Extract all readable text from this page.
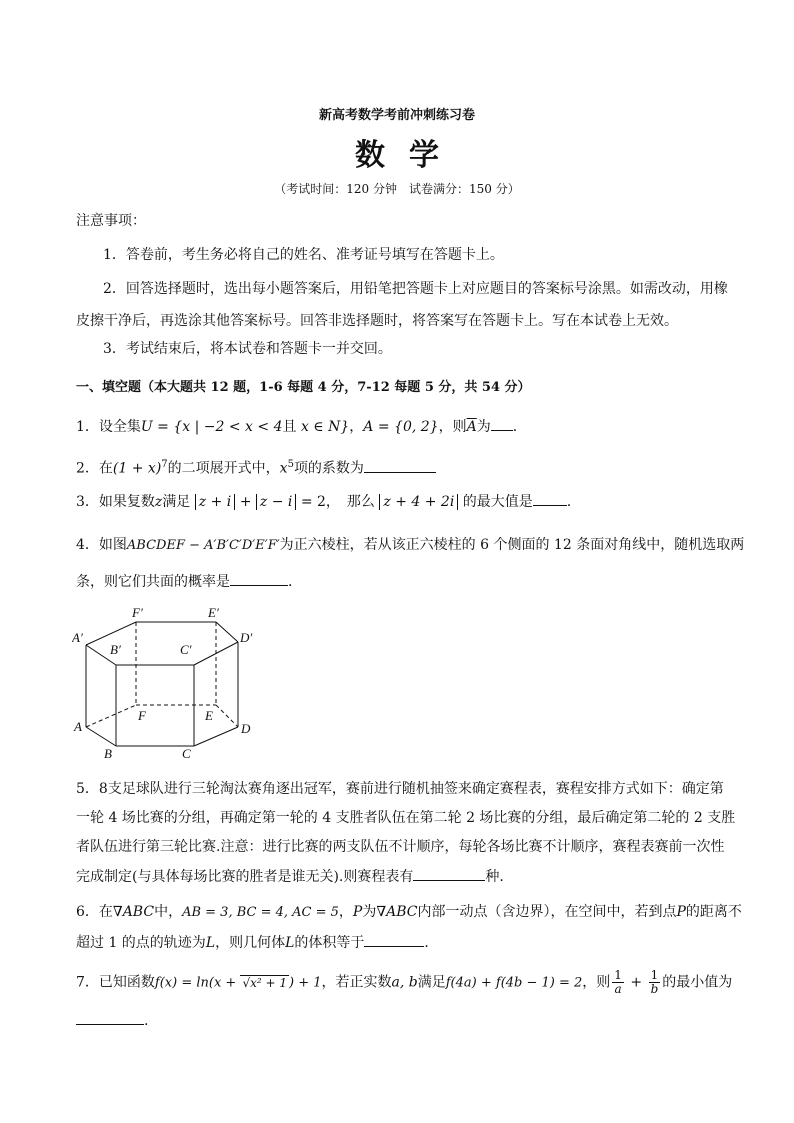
新高考数学考前冲刺练习卷
数学
（考试时间：120 分钟　试卷满分：150 分）
注意事项：
1．答卷前，考生务必将自己的姓名、准考证号填写在答题卡上。
2．回答选择题时，选出每小题答案后，用铅笔把答题卡上对应题目的答案标号涂黑。如需改动，用橡
皮擦干净后，再选涂其他答案标号。回答非选择题时，将答案写在答题卡上。写在本试卷上无效。
3．考试结束后，将本试卷和答题卡一并交回。
一、填空题（本大题共 12 题，1-6 每题 4 分，7-12 每题 5 分，共 54 分）
1．设全集U = {x | −2 < x < 4且 x ∈ N}，A = {0, 2}，则$\overline{A}$为 ．
2．在$(1 + x)^7$的二项展开式中，$x^5$项的系数为
3．如果复数z满足 z + i + z − i = 2，　那么 z + 4 + 2i 的最大值是 .
4．如图ABCDEF − A′B′C′D′E′F′为正六棱柱，若从该正六棱柱的 6 个侧面的 12 条面对角线中，随机选取两
条，则它们共面的概率是	．
A′
B′	C′
D′
E′
F′
A
B	C
D
E
F
5．8支足球队进行三轮淘汰赛角逐出冠军，赛前进行随机抽签来确定赛程表，赛程安排方式如下：确定第
一轮 4 场比赛的分组，再确定第一轮的 4 支胜者队伍在第二轮 2 场比赛的分组，最后确定第二轮的 2 支胜
者队伍进行第三轮比赛.注意：进行比赛的两支队伍不计顺序，每轮各场比赛不计顺序，赛程表赛前一次性
完成制定(与具体每场比赛的胜者是谁无关).则赛程表有	种.
6．在∇ABC中，AB = 3, BC = 4, AC = 5，P为∇ABC内部一动点（含边界），在空间中，若到点P的距离不
超过 1 的点的轨迹为L，则几何体L的体积等于	．
7．已知函数f(x) = ln(x + √x² + 1 ) + 1，若正实数a, b满足f(4a) + f(4b − 1) = 2，则 $\frac{1}{a} + \frac{1}{b}$ 的最小值为
.
